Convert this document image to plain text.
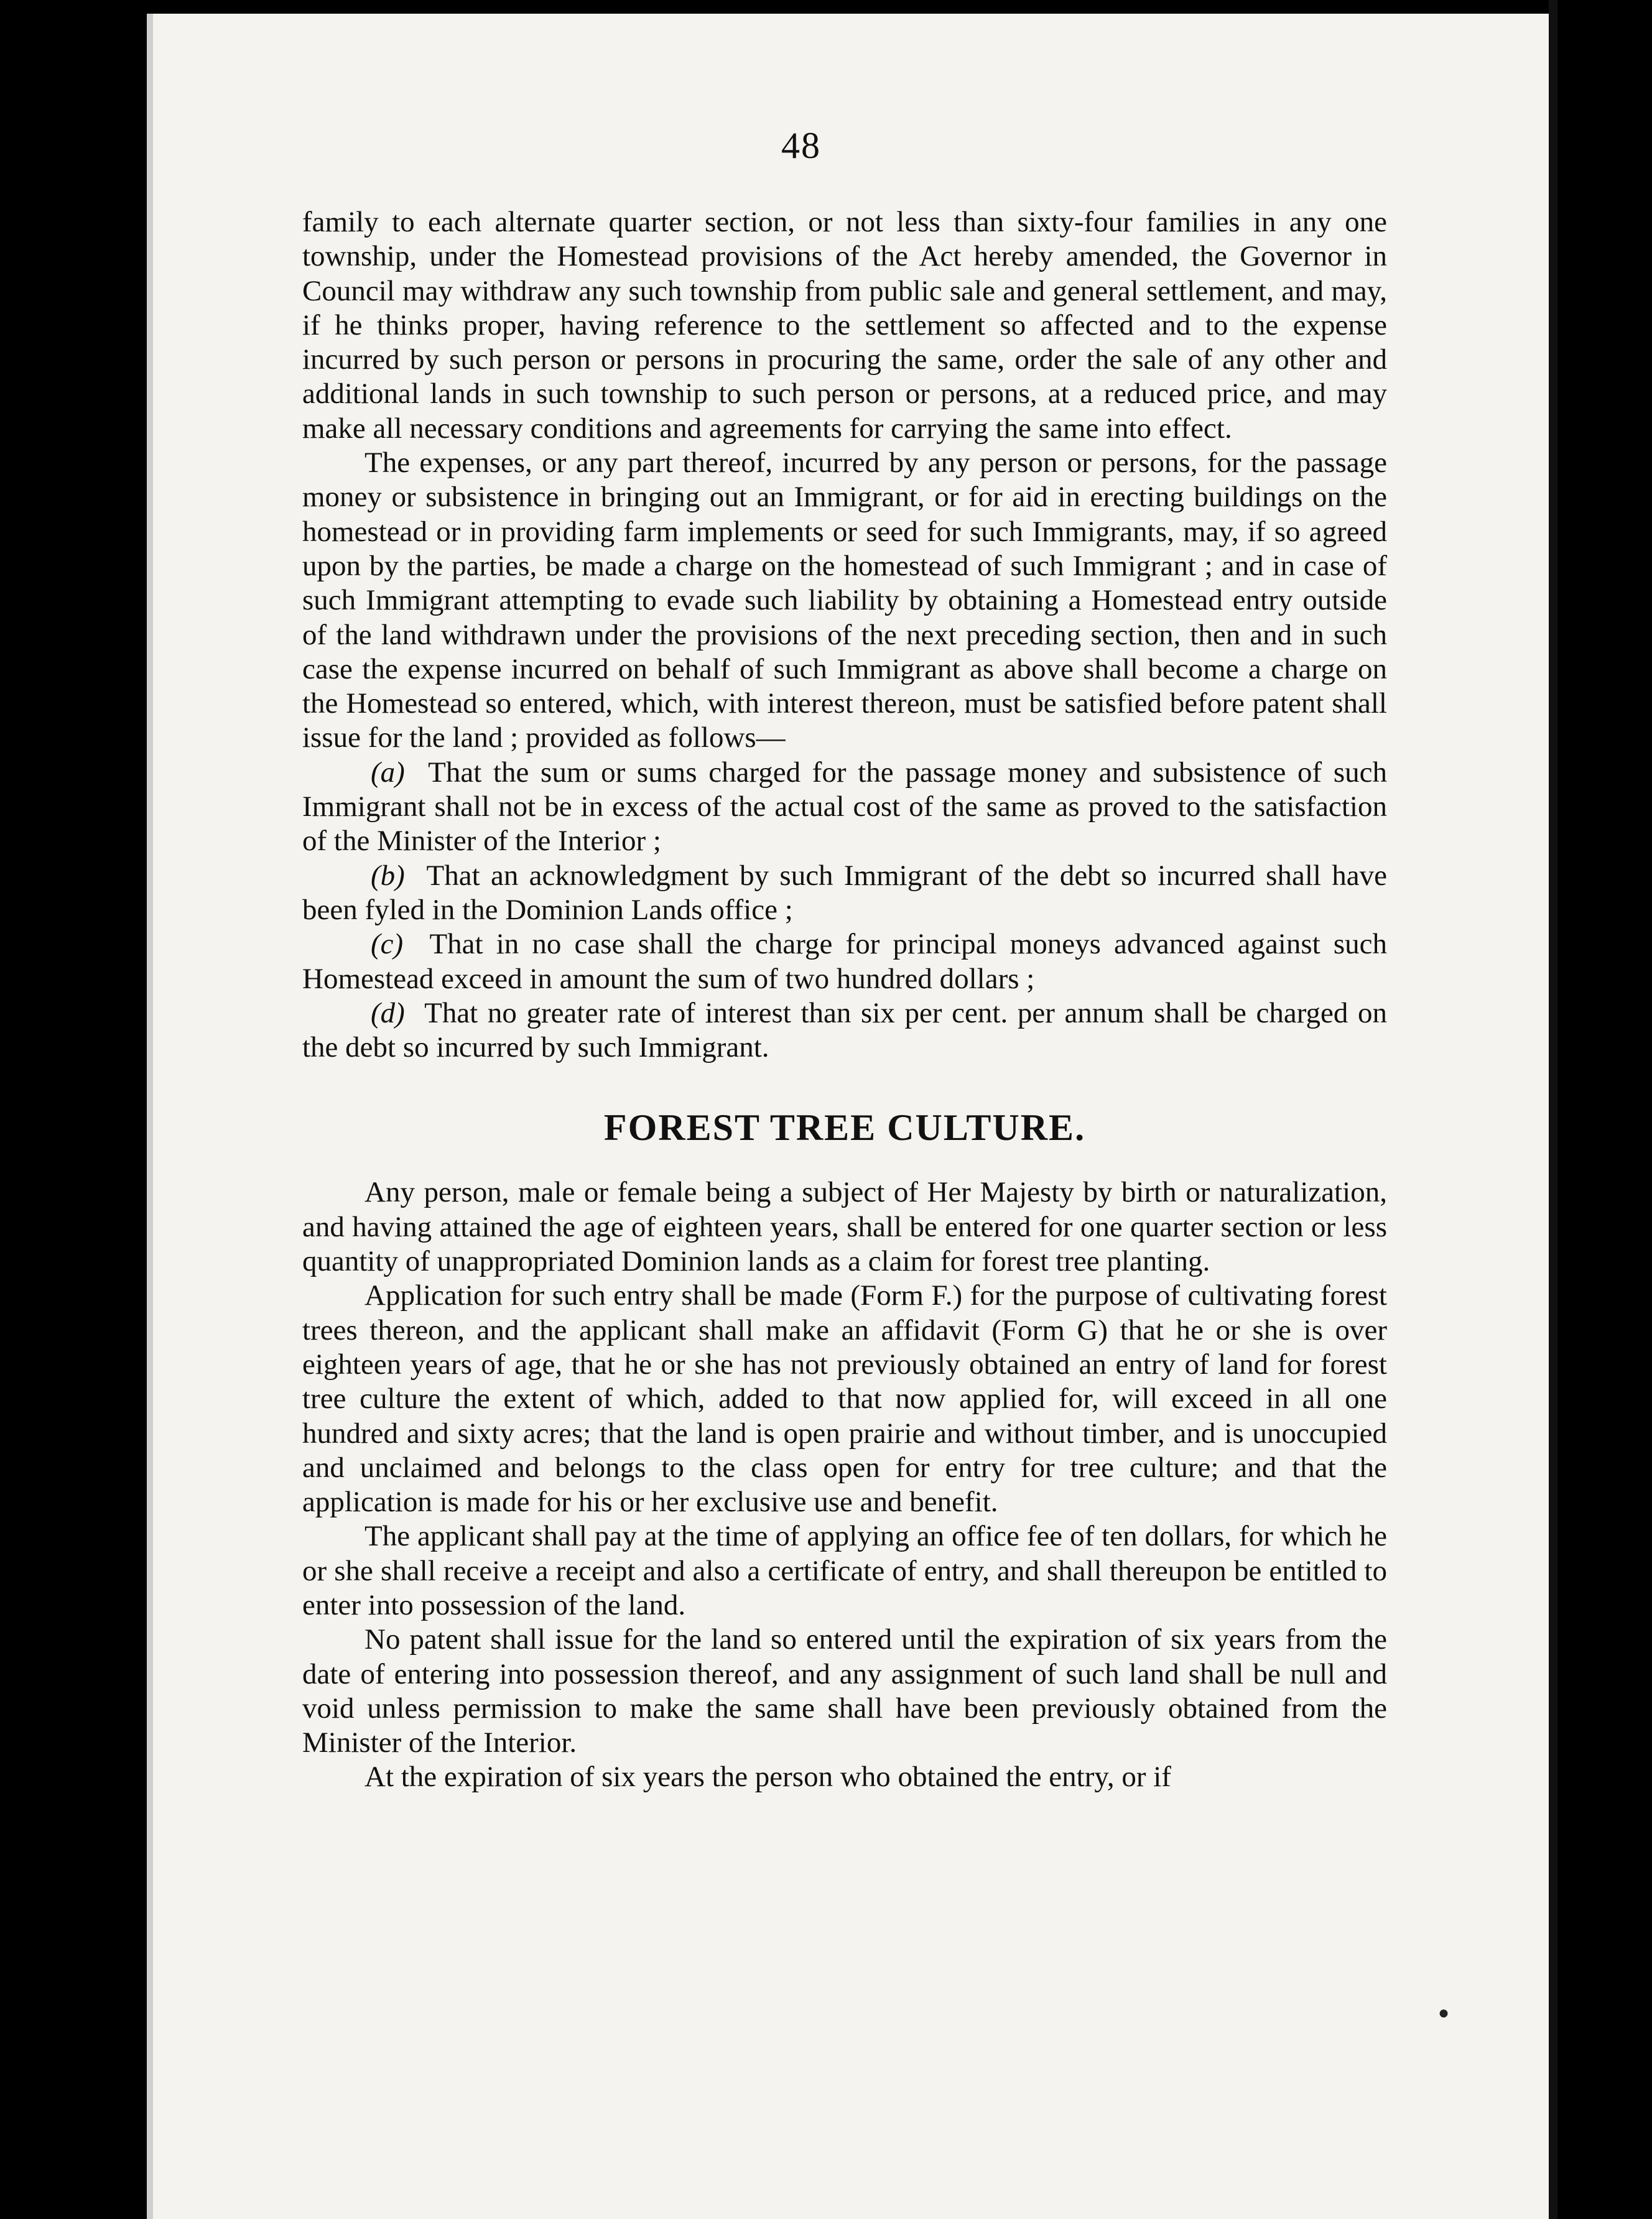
48

family to each alternate quarter section, or not less than sixty-four families in any one township, under the Homestead provisions of the Act hereby amended, the Governor in Council may withdraw any such township from public sale and general settlement, and may, if he thinks proper, having reference to the settlement so affected and to the expense incurred by such person or persons in procuring the same, order the sale of any other and additional lands in such township to such person or persons, at a reduced price, and may make all necessary conditions and agreements for carrying the same into effect.

The expenses, or any part thereof, incurred by any person or persons, for the passage money or subsistence in bringing out an Immigrant, or for aid in erecting buildings on the homestead or in providing farm implements or seed for such Immigrants, may, if so agreed upon by the parties, be made a charge on the homestead of such Immigrant ; and in case of such Immigrant attempting to evade such liability by obtaining a Homestead entry outside of the land withdrawn under the provisions of the next preceding section, then and in such case the expense incurred on behalf of such Immigrant as above shall become a charge on the Homestead so entered, which, with interest thereon, must be satisfied before patent shall issue for the land ; provided as follows—

(a) That the sum or sums charged for the passage money and subsistence of such Immigrant shall not be in excess of the actual cost of the same as proved to the satisfaction of the Minister of the Interior ;

(b) That an acknowledgment by such Immigrant of the debt so incurred shall have been fyled in the Dominion Lands office ;

(c) That in no case shall the charge for principal moneys advanced against such Homestead exceed in amount the sum of two hundred dollars ;

(d) That no greater rate of interest than six per cent. per annum shall be charged on the debt so incurred by such Immigrant.

FOREST TREE CULTURE.

Any person, male or female being a subject of Her Majesty by birth or naturalization, and having attained the age of eighteen years, shall be entered for one quarter section or less quantity of unappropriated Dominion lands as a claim for forest tree planting.

Application for such entry shall be made (Form F.) for the purpose of cultivating forest trees thereon, and the applicant shall make an affidavit (Form G) that he or she is over eighteen years of age, that he or she has not previously obtained an entry of land for forest tree culture the extent of which, added to that now applied for, will exceed in all one hundred and sixty acres; that the land is open prairie and without timber, and is unoccupied and unclaimed and belongs to the class open for entry for tree culture; and that the application is made for his or her exclusive use and benefit.

The applicant shall pay at the time of applying an office fee of ten dollars, for which he or she shall receive a receipt and also a certificate of entry, and shall thereupon be entitled to enter into possession of the land.

No patent shall issue for the land so entered until the expiration of six years from the date of entering into possession thereof, and any assignment of such land shall be null and void unless permission to make the same shall have been previously obtained from the Minister of the Interior.

At the expiration of six years the person who obtained the entry, or if

●
